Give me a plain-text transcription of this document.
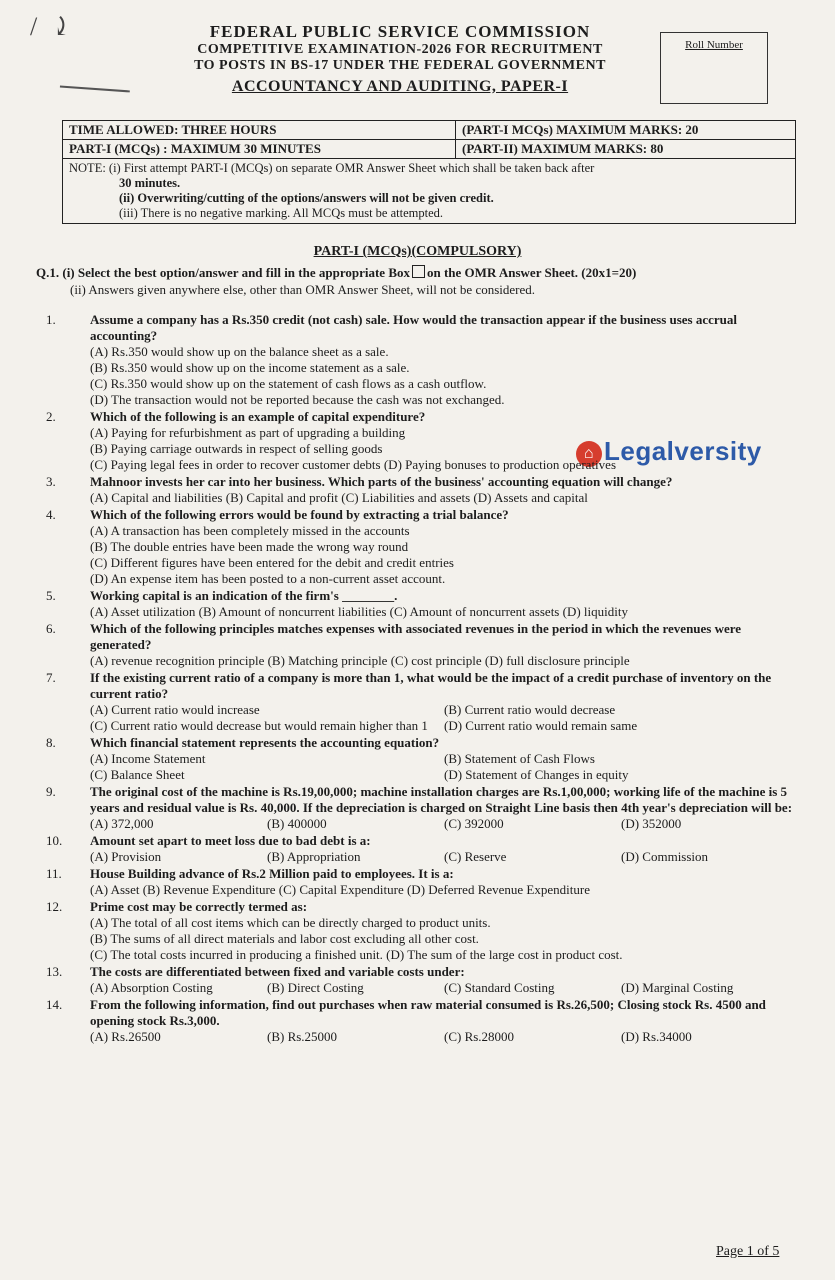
/  ⤸	FEDERAL PUBLIC SERVICE COMMISSION
COMPETITIVE EXAMINATION-2026 FOR RECRUITMENT
TO POSTS IN BS-17 UNDER THE FEDERAL GOVERNMENT
ACCOUNTANCY AND AUDITING, PAPER-I
Roll Number
TIME ALLOWED: THREE HOURS	(PART-I MCQs) MAXIMUM MARKS: 20
PART-I (MCQs) : MAXIMUM 30 MINUTES	(PART-II) MAXIMUM MARKS: 80
NOTE: (i) First attempt PART-I (MCQs) on separate OMR Answer Sheet which shall be taken back after
30 minutes.
(ii) Overwriting/cutting of the options/answers will not be given credit.
(iii) There is no negative marking. All MCQs must be attempted.
PART-I (MCQs)(COMPULSORY)
Q.1. (i) Select the best option/answer and fill in the appropriate Box on the OMR Answer Sheet. (20x1=20)
(ii) Answers given anywhere else, other than OMR Answer Sheet, will not be considered.
⌂ Legalversity
1.	Assume a company has a Rs.350 credit (not cash) sale. How would the transaction appear if the business uses accrual accounting?
(A) Rs.350 would show up on the balance sheet as a sale.
(B) Rs.350 would show up on the income statement as a sale.
(C) Rs.350 would show up on the statement of cash flows as a cash outflow.
(D) The transaction would not be reported because the cash was not exchanged.
2.	Which of the following is an example of capital expenditure?
(A) Paying for refurbishment as part of upgrading a building
(B) Paying carriage outwards in respect of selling goods
(C) Paying legal fees in order to recover customer debts (D) Paying bonuses to production operatives
3.	Mahnoor invests her car into her business. Which parts of the business' accounting equation will change?
(A) Capital and liabilities (B) Capital and profit (C) Liabilities and assets (D) Assets and capital
4.	Which of the following errors would be found by extracting a trial balance?
(A) A transaction has been completely missed in the accounts
(B) The double entries have been made the wrong way round
(C) Different figures have been entered for the debit and credit entries
(D) An expense item has been posted to a non-current asset account.
5.	Working capital is an indication of the firm's ________.
(A) Asset utilization (B) Amount of noncurrent liabilities (C) Amount of noncurrent assets (D) liquidity
6.	Which of the following principles matches expenses with associated revenues in the period in which the revenues were generated?
(A) revenue recognition principle (B) Matching principle (C) cost principle (D) full disclosure principle
7.	If the existing current ratio of a company is more than 1, what would be the impact of a credit purchase of inventory on the current ratio?
(A) Current ratio would increase	(B) Current ratio would decrease
(C) Current ratio would decrease but would remain higher than 1	(D) Current ratio would remain same
8.	Which financial statement represents the accounting equation?
(A) Income Statement	(B) Statement of Cash Flows
(C) Balance Sheet	(D) Statement of Changes in equity
9.	The original cost of the machine is Rs.19,00,000; machine installation charges are Rs.1,00,000; working life of the machine is 5 years and residual value is Rs. 40,000. If the depreciation is charged on Straight Line basis then 4th year's depreciation will be:
(A) 372,000	(B) 400000	(C) 392000	(D) 352000
10.	Amount set apart to meet loss due to bad debt is a:
(A) Provision	(B) Appropriation	(C) Reserve	(D) Commission
11.	House Building advance of Rs.2 Million paid to employees. It is a:
(A) Asset (B) Revenue Expenditure (C) Capital Expenditure (D) Deferred Revenue Expenditure
12.	Prime cost may be correctly termed as:
(A) The total of all cost items which can be directly charged to product units.
(B) The sums of all direct materials and labor cost excluding all other cost.
(C) The total costs incurred in producing a finished unit. (D) The sum of the large cost in product cost.
13.	The costs are differentiated between fixed and variable costs under:
(A) Absorption Costing	(B) Direct Costing	(C) Standard Costing	(D) Marginal Costing
14.	From the following information, find out purchases when raw material consumed is Rs.26,500; Closing stock Rs. 4500 and opening stock Rs.3,000.
(A) Rs.26500	(B) Rs.25000	(C) Rs.28000	(D) Rs.34000
Page 1 of 5
